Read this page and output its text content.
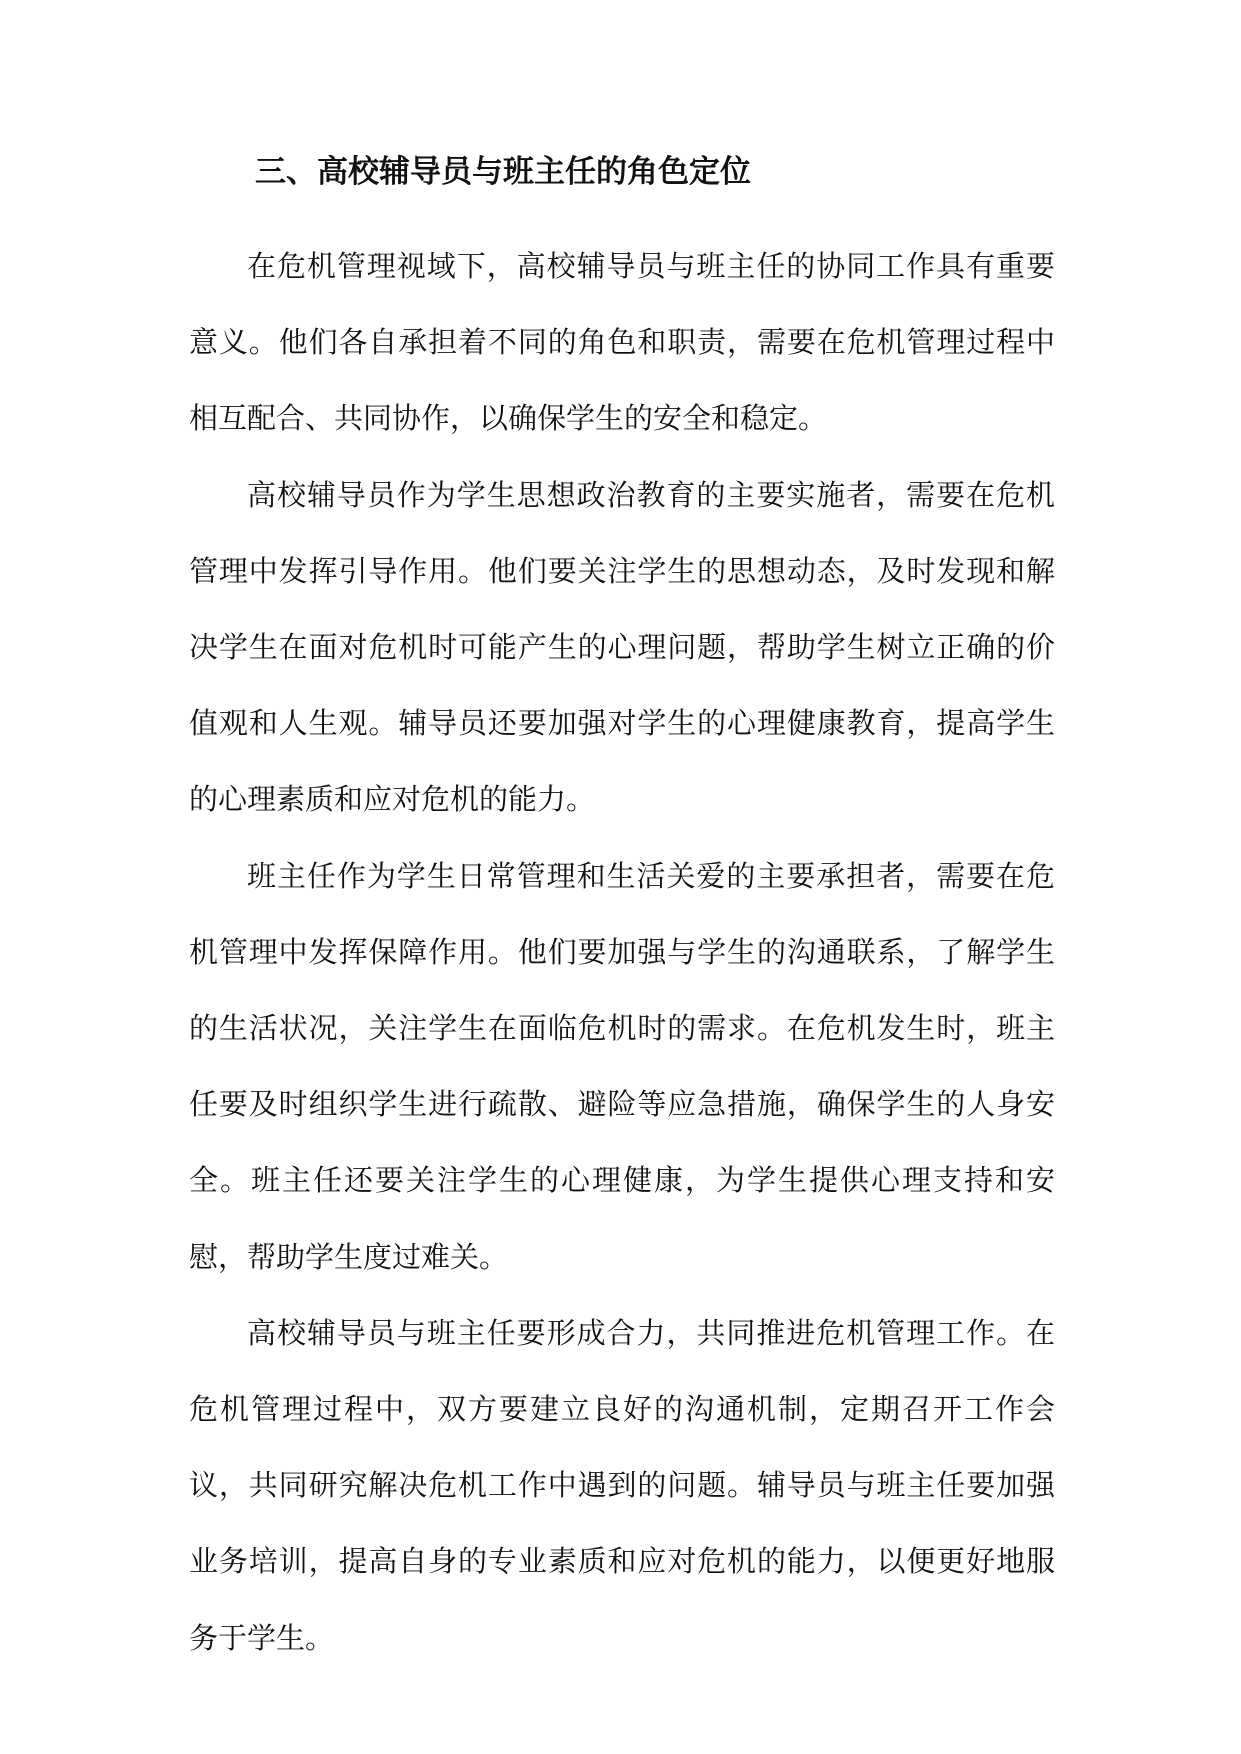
三、高校辅导员与班主任的角色定位

在危机管理视域下，高校辅导员与班主任的协同工作具有重要意义。他们各自承担着不同的角色和职责，需要在危机管理过程中相互配合、共同协作，以确保学生的安全和稳定。

高校辅导员作为学生思想政治教育的主要实施者，需要在危机管理中发挥引导作用。他们要关注学生的思想动态，及时发现和解决学生在面对危机时可能产生的心理问题，帮助学生树立正确的价值观和人生观。辅导员还要加强对学生的心理健康教育，提高学生的心理素质和应对危机的能力。

班主任作为学生日常管理和生活关爱的主要承担者，需要在危机管理中发挥保障作用。他们要加强与学生的沟通联系，了解学生的生活状况，关注学生在面临危机时的需求。在危机发生时，班主任要及时组织学生进行疏散、避险等应急措施，确保学生的人身安全。班主任还要关注学生的心理健康，为学生提供心理支持和安慰，帮助学生度过难关。

高校辅导员与班主任要形成合力，共同推进危机管理工作。在危机管理过程中，双方要建立良好的沟通机制，定期召开工作会议，共同研究解决危机工作中遇到的问题。辅导员与班主任要加强业务培训，提高自身的专业素质和应对危机的能力，以便更好地服务于学生。
